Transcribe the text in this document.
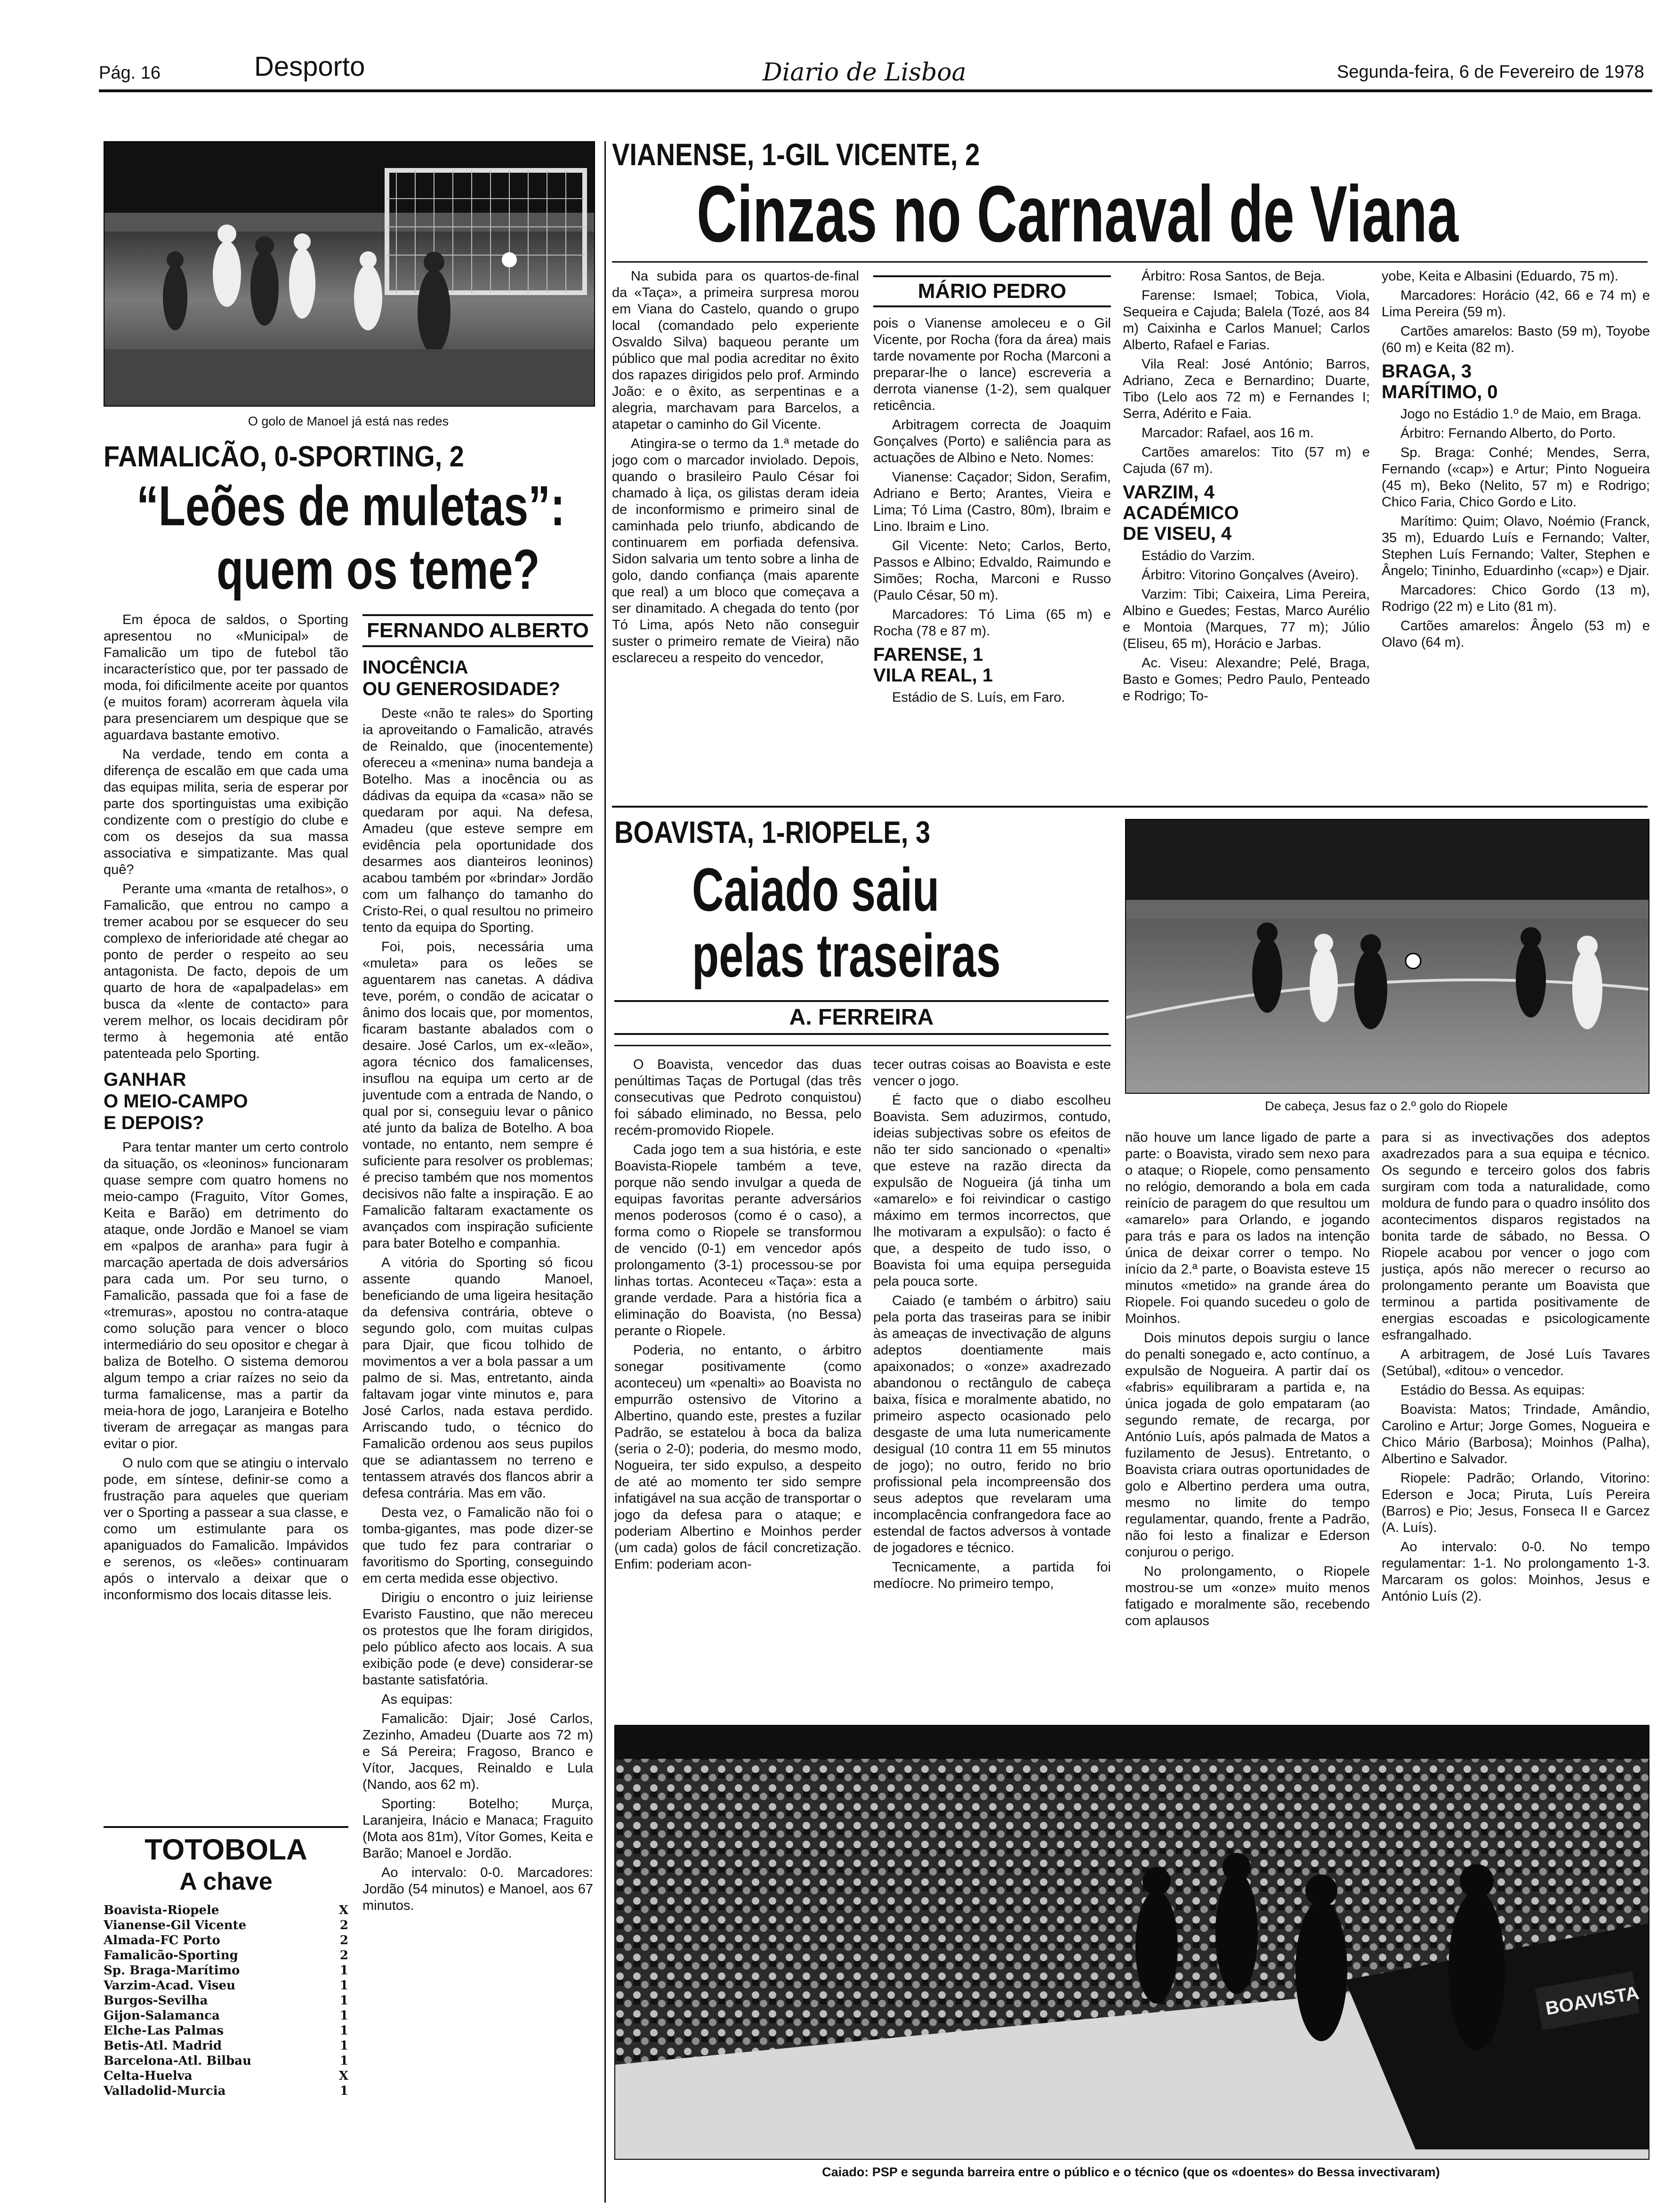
Pág. 16	Desporto	Diario de Lisboa	Segunda-feira, 6 de Fevereiro de 1978
O golo de Manoel já está nas redes
FAMALICÃO, 0-SPORTING, 2
“Leões de muletas”:
quem os teme?

Em época de saldos, o Sporting apresentou no «Municipal» de Famalicão um tipo de futebol tão incaracterístico que, por ter passado de moda, foi dificilmente aceite por quantos (e muitos foram) acorreram àquela vila para presenciarem um despique que se aguardava bastante emotivo.

Na verdade, tendo em conta a diferença de escalão em que cada uma das equipas milita, seria de esperar por parte dos sportinguistas uma exibição condizente com o prestígio do clube e com os desejos da sua massa associativa e simpatizante. Mas qual quê?

Perante uma «manta de retalhos», o Famalicão, que entrou no campo a tremer acabou por se esquecer do seu complexo de inferioridade até chegar ao ponto de perder o respeito ao seu antagonista. De facto, depois de um quarto de hora de «apalpadelas» em busca da «lente de contacto» para verem melhor, os locais decidiram pôr termo à hegemonia até então patenteada pelo Sporting.

GANHAR
O MEIO-CAMPO
E DEPOIS?

Para tentar manter um certo controlo da situação, os «leoninos» funcionaram quase sempre com quatro homens no meio-campo (Fraguito, Vítor Gomes, Keita e Barão) em detrimento do ataque, onde Jordão e Manoel se viam em «palpos de aranha» para fugir à marcação apertada de dois adversários para cada um. Por seu turno, o Famalicão, passada que foi a fase de «tremuras», apostou no contra-ataque como solução para vencer o bloco intermediário do seu opositor e chegar à baliza de Botelho. O sistema demorou algum tempo a criar raízes no seio da turma famalicense, mas a partir da meia-hora de jogo, Laranjeira e Botelho tiveram de arregaçar as mangas para evitar o pior.

O nulo com que se atingiu o intervalo pode, em síntese, definir-se como a frustração para aqueles que queriam ver o Sporting a passear a sua classe, e como um estimulante para os apaniguados do Famalicão. Impávidos e serenos, os «leões» continuaram após o intervalo a deixar que o inconformismo dos locais ditasse leis.

FERNANDO ALBERTO
INOCÊNCIA
OU GENEROSIDADE?

Deste «não te rales» do Sporting ia aproveitando o Famalicão, através de Reinaldo, que (inocentemente) ofereceu a «menina» numa bandeja a Botelho. Mas a inocência ou as dádivas da equipa da «casa» não se quedaram por aqui. Na defesa, Amadeu (que esteve sempre em evidência pela oportunidade dos desarmes aos dianteiros leoninos) acabou também por «brindar» Jordão com um falhanço do tamanho do Cristo-Rei, o qual resultou no primeiro tento da equipa do Sporting.

Foi, pois, necessária uma «muleta» para os leões se aguentarem nas canetas. A dádiva teve, porém, o condão de acicatar o ânimo dos locais que, por momentos, ficaram bastante abalados com o desaire. José Carlos, um ex-«leão», agora técnico dos famalicenses, insuflou na equipa um certo ar de juventude com a entrada de Nando, o qual por si, conseguiu levar o pânico até junto da baliza de Botelho. A boa vontade, no entanto, nem sempre é suficiente para resolver os problemas; é preciso também que nos momentos decisivos não falte a inspiração. E ao Famalicão faltaram exactamente os avançados com inspiração suficiente para bater Botelho e companhia.

A vitória do Sporting só ficou assente quando Manoel, beneficiando de uma ligeira hesitação da defensiva contrária, obteve o segundo golo, com muitas culpas para Djair, que ficou tolhido de movimentos a ver a bola passar a um palmo de si. Mas, entretanto, ainda faltavam jogar vinte minutos e, para José Carlos, nada estava perdido. Arriscando tudo, o técnico do Famalicão ordenou aos seus pupilos que se adiantassem no terreno e tentassem através dos flancos abrir a defesa contrária. Mas em vão.

Desta vez, o Famalicão não foi o tomba-gigantes, mas pode dizer-se que tudo fez para contrariar o favoritismo do Sporting, conseguindo em certa medida esse objectivo.

Dirigiu o encontro o juiz leiriense Evaristo Faustino, que não mereceu os protestos que lhe foram dirigidos, pelo público afecto aos locais. A sua exibição pode (e deve) considerar-se bastante satisfatória.

As equipas:

Famalicão: Djair; José Carlos, Zezinho, Amadeu (Duarte aos 72 m) e Sá Pereira; Fragoso, Branco e Vítor, Jacques, Reinaldo e Lula (Nando, aos 62 m).

Sporting: Botelho; Murça, Laranjeira, Inácio e Manaca; Fraguito (Mota aos 81m), Vítor Gomes, Keita e Barão; Manoel e Jordão.

Ao intervalo: 0-0. Marcadores: Jordão (54 minutos) e Manoel, aos 67 minutos.

TOTOBOLA
A chave
Boavista-Riopele	X
Vianense-Gil Vicente	2
Almada-FC Porto	2
Famalicão-Sporting	2
Sp. Braga-Marítimo	1
Varzim-Acad. Viseu	1
Burgos-Sevilha	1
Gijon-Salamanca	1
Elche-Las Palmas	1
Betis-Atl. Madrid	1
Barcelona-Atl. Bilbau	1
Celta-Huelva	X
Valladolid-Murcia	1
VIANENSE, 1-GIL VICENTE, 2
Cinzas no Carnaval de Viana

Na subida para os quartos-de-final da «Taça», a primeira surpresa morou em Viana do Castelo, quando o grupo local (comandado pelo experiente Osvaldo Silva) baqueou perante um público que mal podia acreditar no êxito dos rapazes dirigidos pelo prof. Armindo João: e o êxito, as serpentinas e a alegria, marchavam para Barcelos, a atapetar o caminho do Gil Vicente.

Atingira-se o termo da 1.ª metade do jogo com o marcador inviolado. Depois, quando o brasileiro Paulo César foi chamado à liça, os gilistas deram ideia de inconformismo e primeiro sinal de caminhada pelo triunfo, abdicando de continuarem em porfiada defensiva. Sidon salvaria um tento sobre a linha de golo, dando confiança (mais aparente que real) a um bloco que começava a ser dinamitado. A chegada do tento (por Tó Lima, após Neto não conseguir suster o primeiro remate de Vieira) não esclareceu a respeito do vencedor,

MÁRIO PEDRO

pois o Vianense amoleceu e o Gil Vicente, por Rocha (fora da área) mais tarde novamente por Rocha (Marconi a preparar-lhe o lance) escreveria a derrota vianense (1-2), sem qualquer reticência.

Arbitragem correcta de Joaquim Gonçalves (Porto) e saliência para as actuações de Albino e Neto. Nomes:

Vianense: Caçador; Sidon, Serafim, Adriano e Berto; Arantes, Vieira e Lima; Tó Lima (Castro, 80m), Ibraim e Lino. Ibraim e Lino.

Gil Vicente: Neto; Carlos, Berto, Passos e Albino; Edvaldo, Raimundo e Simões; Rocha, Marconi e Russo (Paulo César, 50 m).

Marcadores: Tó Lima (65 m) e Rocha (78 e 87 m).

FARENSE, 1
VILA REAL, 1

Estádio de S. Luís, em Faro.

Árbitro: Rosa Santos, de Beja.

Farense: Ismael; Tobica, Viola, Sequeira e Cajuda; Balela (Tozé, aos 84 m) Caixinha e Carlos Manuel; Carlos Alberto, Rafael e Farias.

Vila Real: José António; Barros, Adriano, Zeca e Bernardino; Duarte, Tibo (Lelo aos 72 m) e Fernandes I; Serra, Adérito e Faia.

Marcador: Rafael, aos 16 m.

Cartões amarelos: Tito (57 m) e Cajuda (67 m).

VARZIM, 4
ACADÉMICO
DE VISEU, 4

Estádio do Varzim.

Árbitro: Vitorino Gonçalves (Aveiro).

Varzim: Tibi; Caixeira, Lima Pereira, Albino e Guedes; Festas, Marco Aurélio e Montoia (Marques, 77 m); Júlio (Eliseu, 65 m), Horácio e Jarbas.

Ac. Viseu: Alexandre; Pelé, Braga, Basto e Gomes; Pedro Paulo, Penteado e Rodrigo; To-

yobe, Keita e Albasini (Eduardo, 75 m).

Marcadores: Horácio (42, 66 e 74 m) e Lima Pereira (59 m).

Cartões amarelos: Basto (59 m), Toyobe (60 m) e Keita (82 m).

BRAGA, 3
MARÍTIMO, 0

Jogo no Estádio 1.º de Maio, em Braga.

Árbitro: Fernando Alberto, do Porto.

Sp. Braga: Conhé; Mendes, Serra, Fernando («cap») e Artur; Pinto Nogueira (45 m), Beko (Nelito, 57 m) e Rodrigo; Chico Faria, Chico Gordo e Lito.

Marítimo: Quim; Olavo, Noémio (Franck, 35 m), Eduardo Luís e Fernando; Valter, Stephen Luís Fernando; Valter, Stephen e Ângelo; Tininho, Eduardinho («cap») e Djair.

Marcadores: Chico Gordo (13 m), Rodrigo (22 m) e Lito (81 m).

Cartões amarelos: Ângelo (53 m) e Olavo (64 m).

BOAVISTA, 1-RIOPELE, 3
Caiado saiu
pelas traseiras
A. FERREIRA
De cabeça, Jesus faz o 2.º golo do Riopele

O Boavista, vencedor das duas penúltimas Taças de Portugal (das três consecutivas que Pedroto conquistou) foi sábado eliminado, no Bessa, pelo recém-promovido Riopele.

Cada jogo tem a sua história, e este Boavista-Riopele também a teve, porque não sendo invulgar a queda de equipas favoritas perante adversários menos poderosos (como é o caso), a forma como o Riopele se transformou de vencido (0-1) em vencedor após prolongamento (3-1) processou-se por linhas tortas. Aconteceu «Taça»: esta a grande verdade. Para a história fica a eliminação do Boavista, (no Bessa) perante o Riopele.

Poderia, no entanto, o árbitro sonegar positivamente (como aconteceu) um «penalti» ao Boavista no empurrão ostensivo de Vitorino a Albertino, quando este, prestes a fuzilar Padrão, se estatelou à boca da baliza (seria o 2-0); poderia, do mesmo modo, Nogueira, ter sido expulso, a despeito de até ao momento ter sido sempre infatigável na sua acção de transportar o jogo da defesa para o ataque; e poderiam Albertino e Moinhos perder (um cada) golos de fácil concretização. Enfim: poderiam acon-

tecer outras coisas ao Boavista e este vencer o jogo.

É facto que o diabo escolheu Boavista. Sem aduzirmos, contudo, ideias subjectivas sobre os efeitos de não ter sido sancionado o «penalti» que esteve na razão directa da expulsão de Nogueira (já tinha um «amarelo» e foi reivindicar o castigo máximo em termos incorrectos, que lhe motivaram a expulsão): o facto é que, a despeito de tudo isso, o Boavista foi uma equipa perseguida pela pouca sorte.

Caiado (e também o árbitro) saiu pela porta das traseiras para se inibir às ameaças de invectivação de alguns adeptos doentiamente mais apaixonados; o «onze» axadrezado abandonou o rectângulo de cabeça baixa, física e moralmente abatido, no primeiro aspecto ocasionado pelo desgaste de uma luta numericamente desigual (10 contra 11 em 55 minutos de jogo); no outro, ferido no brio profissional pela incompreensão dos seus adeptos que revelaram uma incomplacência confrangedora face ao estendal de factos adversos à vontade de jogadores e técnico.

Tecnicamente, a partida foi medíocre. No primeiro tempo,

não houve um lance ligado de parte a parte: o Boavista, virado sem nexo para o ataque; o Riopele, como pensamento no relógio, demorando a bola em cada reinício de paragem do que resultou um «amarelo» para Orlando, e jogando para trás e para os lados na intenção única de deixar correr o tempo. No início da 2.ª parte, o Boavista esteve 15 minutos «metido» na grande área do Riopele. Foi quando sucedeu o golo de Moinhos.

Dois minutos depois surgiu o lance do penalti sonegado e, acto contínuo, a expulsão de Nogueira. A partir daí os «fabris» equilibraram a partida e, na única jogada de golo empataram (ao segundo remate, de recarga, por António Luís, após palmada de Matos a fuzilamento de Jesus). Entretanto, o Boavista criara outras oportunidades de golo e Albertino perdera uma outra, mesmo no limite do tempo regulamentar, quando, frente a Padrão, não foi lesto a finalizar e Ederson conjurou o perigo.

No prolongamento, o Riopele mostrou-se um «onze» muito menos fatigado e moralmente são, recebendo com aplausos

para si as invectivações dos adeptos axadrezados para a sua equipa e técnico. Os segundo e terceiro golos dos fabris surgiram com toda a naturalidade, como moldura de fundo para o quadro insólito dos acontecimentos disparos registados na bonita tarde de sábado, no Bessa. O Riopele acabou por vencer o jogo com justiça, após não merecer o recurso ao prolongamento perante um Boavista que terminou a partida positivamente de energias escoadas e psicologicamente esfrangalhado.

A arbitragem, de José Luís Tavares (Setúbal), «ditou» o vencedor.

Estádio do Bessa. As equipas:

Boavista: Matos; Trindade, Amândio, Carolino e Artur; Jorge Gomes, Nogueira e Chico Mário (Barbosa); Moinhos (Palha), Albertino e Salvador.

Riopele: Padrão; Orlando, Vitorino: Ederson e Joca; Piruta, Luís Pereira (Barros) e Pio; Jesus, Fonseca II e Garcez (A. Luís).

Ao intervalo: 0-0. No tempo regulamentar: 1-1. No prolongamento 1-3. Marcaram os golos: Moinhos, Jesus e António Luís (2).

BOAVISTA
Caiado: PSP e segunda barreira entre o público e o técnico (que os «doentes» do Bessa invectivaram)
